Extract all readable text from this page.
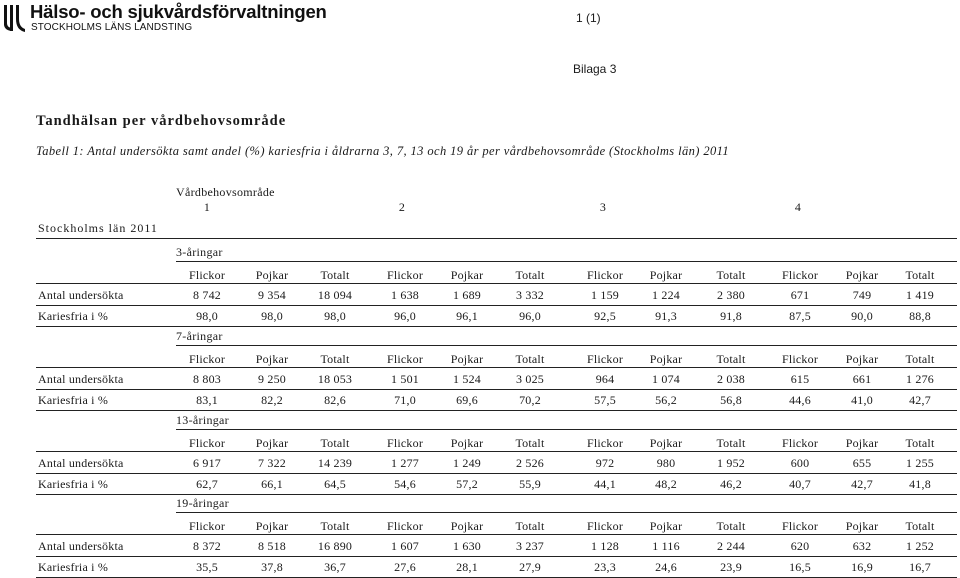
Hälso- och sjukvårdsförvaltningen
STOCKHOLMS LÄNS LANDSTING
1 (1)
Bilaga 3
Tandhälsan per vårdbehovsområde
Tabell 1: Antal undersökta samt andel (%) kariesfria i åldrarna 3, 7, 13 och 19 år per vårdbehovsområde (Stockholms län) 2011
Vårdbehovsområde
Stockholms län 2011
1	2	3	4
3-åringar
Flickor	Pojkar	Totalt	Flickor	Pojkar	Totalt	Flickor	Pojkar	Totalt	Flickor	Pojkar	Totalt
Antal undersökta	8 742	9 354	18 094	1 638	1 689	3 332	1 159	1 224	2 380	671	749	1 419
Kariesfria i %	98,0	98,0	98,0	96,0	96,1	96,0	92,5	91,3	91,8	87,5	90,0	88,8
7-åringar
Flickor	Pojkar	Totalt	Flickor	Pojkar	Totalt	Flickor	Pojkar	Totalt	Flickor	Pojkar	Totalt
Antal undersökta	8 803	9 250	18 053	1 501	1 524	3 025	964	1 074	2 038	615	661	1 276
Kariesfria i %	83,1	82,2	82,6	71,0	69,6	70,2	57,5	56,2	56,8	44,6	41,0	42,7
13-åringar
Flickor	Pojkar	Totalt	Flickor	Pojkar	Totalt	Flickor	Pojkar	Totalt	Flickor	Pojkar	Totalt
Antal undersökta	6 917	7 322	14 239	1 277	1 249	2 526	972	980	1 952	600	655	1 255
Kariesfria i %	62,7	66,1	64,5	54,6	57,2	55,9	44,1	48,2	46,2	40,7	42,7	41,8
19-åringar
Flickor	Pojkar	Totalt	Flickor	Pojkar	Totalt	Flickor	Pojkar	Totalt	Flickor	Pojkar	Totalt
Antal undersökta	8 372	8 518	16 890	1 607	1 630	3 237	1 128	1 116	2 244	620	632	1 252
Kariesfria i %	35,5	37,8	36,7	27,6	28,1	27,9	23,3	24,6	23,9	16,5	16,9	16,7
